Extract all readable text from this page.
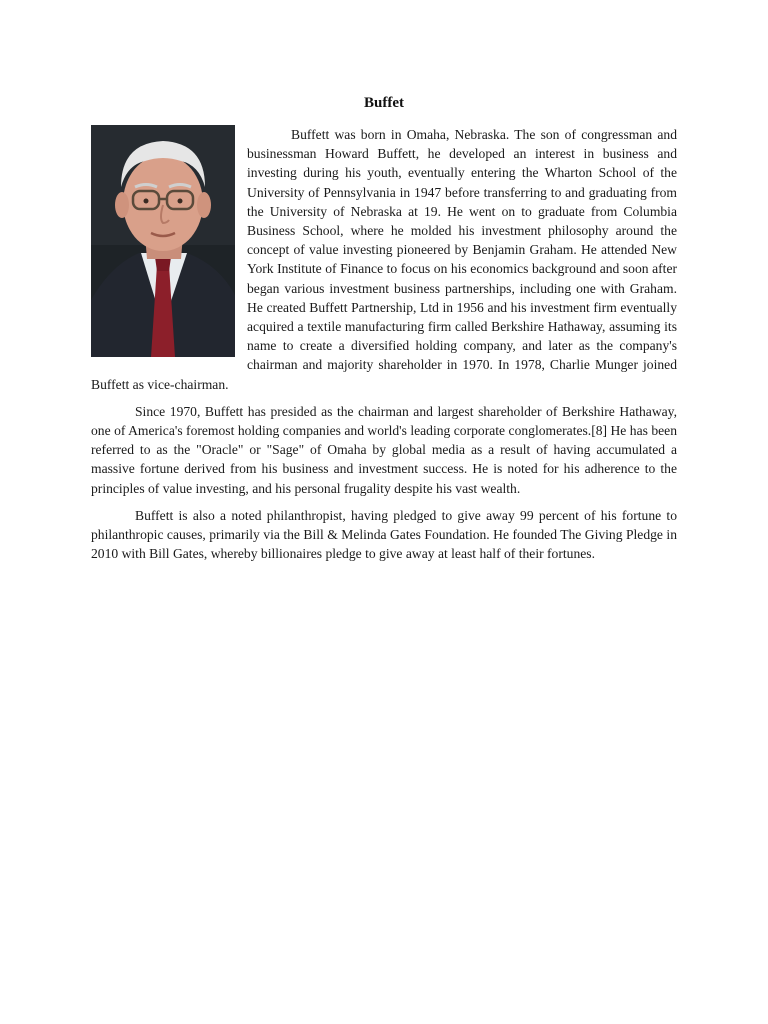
Buffet

Buffett was born in Omaha, Nebraska. The son of congressman and businessman Howard Buffett, he developed an interest in business and investing during his youth, eventually entering the Wharton School of the University of Pennsylvania in 1947 before transferring to and graduating from the University of Nebraska at 19. He went on to graduate from Columbia Business School, where he molded his investment philosophy around the concept of value investing pioneered by Benjamin Graham. He attended New York Institute of Finance to focus on his economics background and soon after began various investment business partnerships, including one with Graham. He created Buffett Partnership, Ltd in 1956 and his investment firm eventually acquired a textile manufacturing firm called Berkshire Hathaway, assuming its name to create a diversified holding company, and later as the company's chairman and majority shareholder in 1970. In 1978, Charlie Munger joined Buffett as vice-chairman.

Since 1970, Buffett has presided as the chairman and largest shareholder of Berkshire Hathaway, one of America's foremost holding companies and world's leading corporate conglomerates.[8] He has been referred to as the "Oracle" or "Sage" of Omaha by global media as a result of having accumulated a massive fortune derived from his business and investment success. He is noted for his adherence to the principles of value investing, and his personal frugality despite his vast wealth.

Buffett is also a noted philanthropist, having pledged to give away 99 percent of his fortune to philanthropic causes, primarily via the Bill & Melinda Gates Foundation. He founded The Giving Pledge in 2010 with Bill Gates, whereby billionaires pledge to give away at least half of their fortunes.
